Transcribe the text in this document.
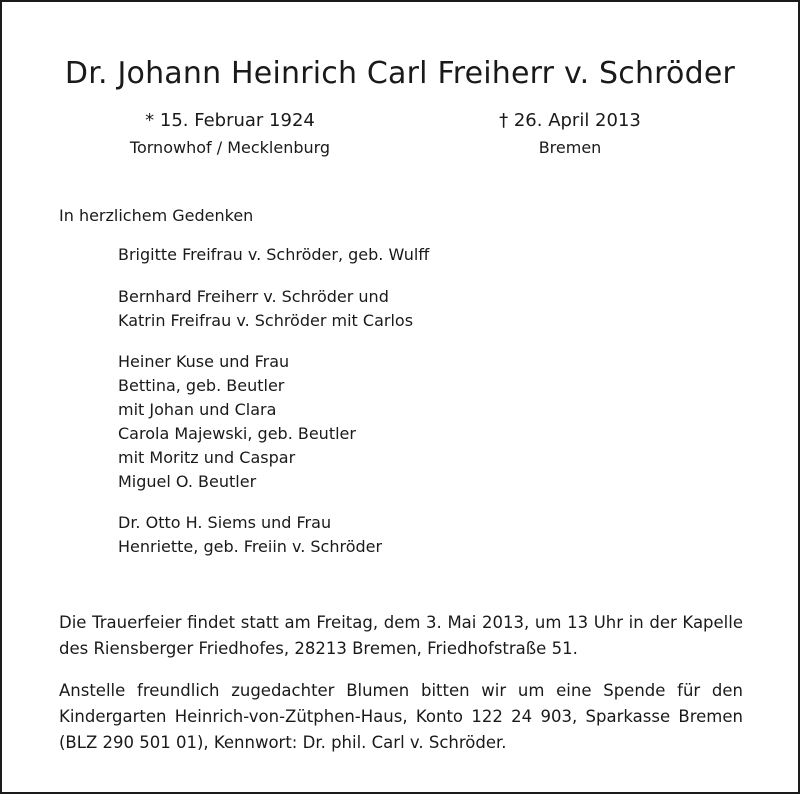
Dr. Johann Heinrich Carl Freiherr v. Schröder
* 15. Februar 1924
Tornowhof / Mecklenburg
† 26. April 2013
Bremen
In herzlichem Gedenken
Brigitte Freifrau v. Schröder, geb. Wulff
Bernhard Freiherr v. Schröder und
Katrin Freifrau v. Schröder mit Carlos
Heiner Kuse und Frau
Bettina, geb. Beutler
mit Johan und Clara
Carola Majewski, geb. Beutler
mit Moritz und Caspar
Miguel O. Beutler
Dr. Otto H. Siems und Frau
Henriette, geb. Freiin v. Schröder
Die Trauerfeier findet statt am Freitag, dem 3. Mai 2013, um 13 Uhr in der Kapelle des Riensberger Friedhofes, 28213 Bremen, Friedhofstraße 51.
Anstelle freundlich zugedachter Blumen bitten wir um eine Spende für den Kindergarten Heinrich-von-Zütphen-Haus, Konto 122 24 903, Sparkasse Bremen (BLZ 290 501 01), Kennwort: Dr. phil. Carl v. Schröder.
